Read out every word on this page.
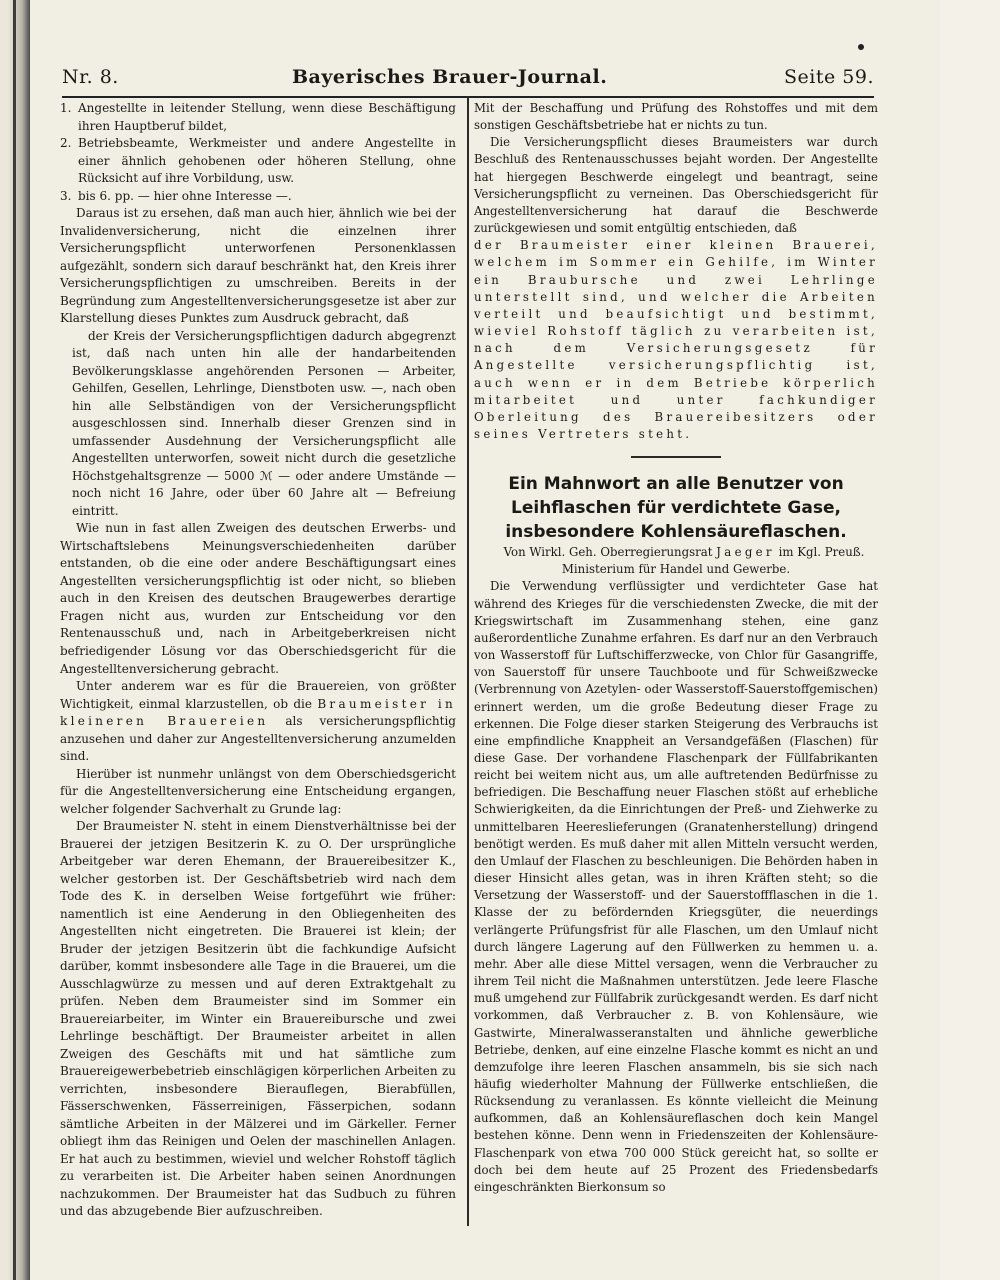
Nr. 8.	Bayerisches Brauer-Journal.	Seite 59.
1. Angestellte in leitender Stellung, wenn diese Beschäftigung ihren Hauptberuf bildet,
2. Betriebsbeamte, Werkmeister und andere Angestellte in einer ähnlich gehobenen oder höheren Stellung, ohne Rücksicht auf ihre Vorbildung, usw.
3. bis 6. pp. — hier ohne Interesse —.

Daraus ist zu ersehen, daß man auch hier, ähnlich wie bei der Invalidenversicherung, nicht die einzelnen ihrer Versicherungspflicht unterworfenen Personenklassen aufgezählt, sondern sich darauf beschränkt hat, den Kreis ihrer Versicherungspflichtigen zu umschreiben. Bereits in der Begründung zum Angestelltenversicherungsgesetze ist aber zur Klarstellung dieses Punktes zum Ausdruck gebracht, daß

der Kreis der Versicherungspflichtigen dadurch abgegrenzt ist, daß nach unten hin alle der handarbeitenden Bevölkerungsklasse angehörenden Personen — Arbeiter, Gehilfen, Gesellen, Lehrlinge, Dienstboten usw. —, nach oben hin alle Selbständigen von der Versicherungspflicht ausgeschlossen sind. Innerhalb dieser Grenzen sind in umfassender Ausdehnung der Versicherungspflicht alle Angestellten unterworfen, soweit nicht durch die gesetzliche Höchstgehaltsgrenze — 5000 ℳ — oder andere Umstände — noch nicht 16 Jahre, oder über 60 Jahre alt — Befreiung eintritt.

Wie nun in fast allen Zweigen des deutschen Erwerbs- und Wirtschaftslebens Meinungsverschiedenheiten darüber entstanden, ob die eine oder andere Beschäftigungsart eines Angestellten versicherungspflichtig ist oder nicht, so blieben auch in den Kreisen des deutschen Braugewerbes derartige Fragen nicht aus, wurden zur Entscheidung vor den Rentenausschuß und, nach in Arbeitgeberkreisen nicht befriedigender Lösung vor das Oberschiedsgericht für die Angestelltenversicherung gebracht.

Unter anderem war es für die Brauereien, von größter Wichtigkeit, einmal klarzustellen, ob die Braumeister in kleineren Brauereien als versicherungspflichtig anzusehen und daher zur Angestelltenversicherung anzumelden sind.

Hierüber ist nunmehr unlängst von dem Oberschiedsgericht für die Angestelltenversicherung eine Entscheidung ergangen, welcher folgender Sachverhalt zu Grunde lag:

Der Braumeister N. steht in einem Dienstverhältnisse bei der Brauerei der jetzigen Besitzerin K. zu O. Der ursprüngliche Arbeitgeber war deren Ehemann, der Brauereibesitzer K., welcher gestorben ist. Der Geschäftsbetrieb wird nach dem Tode des K. in derselben Weise fortgeführt wie früher: namentlich ist eine Aenderung in den Obliegenheiten des Angestellten nicht eingetreten. Die Brauerei ist klein; der Bruder der jetzigen Besitzerin übt die fachkundige Aufsicht darüber, kommt insbesondere alle Tage in die Brauerei, um die Ausschlagwürze zu messen und auf deren Extraktgehalt zu prüfen. Neben dem Braumeister sind im Sommer ein Brauereiarbeiter, im Winter ein Brauereibursche und zwei Lehrlinge beschäftigt. Der Braumeister arbeitet in allen Zweigen des Geschäfts mit und hat sämtliche zum Brauereigewerbebetrieb einschlägigen körperlichen Arbeiten zu verrichten, insbesondere Bierauflegen, Bierabfüllen, Fässerschwenken, Fässerreinigen, Fässerpichen, sodann sämtliche Arbeiten in der Mälzerei und im Gärkeller. Ferner obliegt ihm das Reinigen und Oelen der maschinellen Anlagen. Er hat auch zu bestimmen, wieviel und welcher Rohstoff täglich zu verarbeiten ist. Die Arbeiter haben seinen Anordnungen nachzukommen. Der Braumeister hat das Sudbuch zu führen und das abzugebende Bier aufzuschreiben.

Mit der Beschaffung und Prüfung des Rohstoffes und mit dem sonstigen Geschäftsbetriebe hat er nichts zu tun.

Die Versicherungspflicht dieses Braumeisters war durch Beschluß des Rentenausschusses bejaht worden. Der Angestellte hat hiergegen Beschwerde eingelegt und beantragt, seine Versicherungspflicht zu verneinen. Das Oberschiedsgericht für Angestelltenversicherung hat darauf die Beschwerde zurückgewiesen und somit entgültig entschieden, daß

der Braumeister einer kleinen Brauerei, welchem im Sommer ein Gehilfe, im Winter ein Braubursche und zwei Lehrlinge unterstellt sind, und welcher die Arbeiten verteilt und beaufsichtigt und bestimmt, wieviel Rohstoff täglich zu verarbeiten ist, nach dem Versicherungsgesetz für Angestellte versicherungspflichtig ist, auch wenn er in dem Betriebe körperlich mitarbeitet und unter fachkundiger Oberleitung des Brauereibesitzers oder seines Vertreters steht.

Ein Mahnwort an alle Benutzer von Leihflaschen für verdichtete Gase, insbesondere Kohlensäureflaschen.

Von Wirkl. Geh. Oberregierungsrat Jaeger im Kgl. Preuß. Ministerium für Handel und Gewerbe.

Die Verwendung verflüssigter und verdichteter Gase hat während des Krieges für die verschiedensten Zwecke, die mit der Kriegswirtschaft im Zusammenhang stehen, eine ganz außerordentliche Zunahme erfahren. Es darf nur an den Verbrauch von Wasserstoff für Luftschifferzwecke, von Chlor für Gasangriffe, von Sauerstoff für unsere Tauchboote und für Schweißzwecke (Verbrennung von Azetylen- oder Wasserstoff-Sauerstoffgemischen) erinnert werden, um die große Bedeutung dieser Frage zu erkennen. Die Folge dieser starken Steigerung des Verbrauchs ist eine empfindliche Knappheit an Versandgefäßen (Flaschen) für diese Gase. Der vorhandene Flaschenpark der Füllfabrikanten reicht bei weitem nicht aus, um alle auftretenden Bedürfnisse zu befriedigen. Die Beschaffung neuer Flaschen stößt auf erhebliche Schwierigkeiten, da die Einrichtungen der Preß- und Ziehwerke zu unmittelbaren Heereslieferungen (Granatenherstellung) dringend benötigt werden. Es muß daher mit allen Mitteln versucht werden, den Umlauf der Flaschen zu beschleunigen. Die Behörden haben in dieser Hinsicht alles getan, was in ihren Kräften steht; so die Versetzung der Wasserstoff- und der Sauerstoffflaschen in die 1. Klasse der zu befördernden Kriegsgüter, die neuerdings verlängerte Prüfungsfrist für alle Flaschen, um den Umlauf nicht durch längere Lagerung auf den Füllwerken zu hemmen u. a. mehr. Aber alle diese Mittel versagen, wenn die Verbraucher zu ihrem Teil nicht die Maßnahmen unterstützen. Jede leere Flasche muß umgehend zur Füllfabrik zurückgesandt werden. Es darf nicht vorkommen, daß Verbraucher z. B. von Kohlensäure, wie Gastwirte, Mineralwasseranstalten und ähnliche gewerbliche Betriebe, denken, auf eine einzelne Flasche kommt es nicht an und demzufolge ihre leeren Flaschen ansammeln, bis sie sich nach häufig wiederholter Mahnung der Füllwerke entschließen, die Rücksendung zu veranlassen. Es könnte vielleicht die Meinung aufkommen, daß an Kohlensäureflaschen doch kein Mangel bestehen könne. Denn wenn in Friedenszeiten der Kohlensäure-Flaschenpark von etwa 700 000 Stück gereicht hat, so sollte er doch bei dem heute auf 25 Prozent des Friedensbedarfs eingeschränkten Bierkonsum so
